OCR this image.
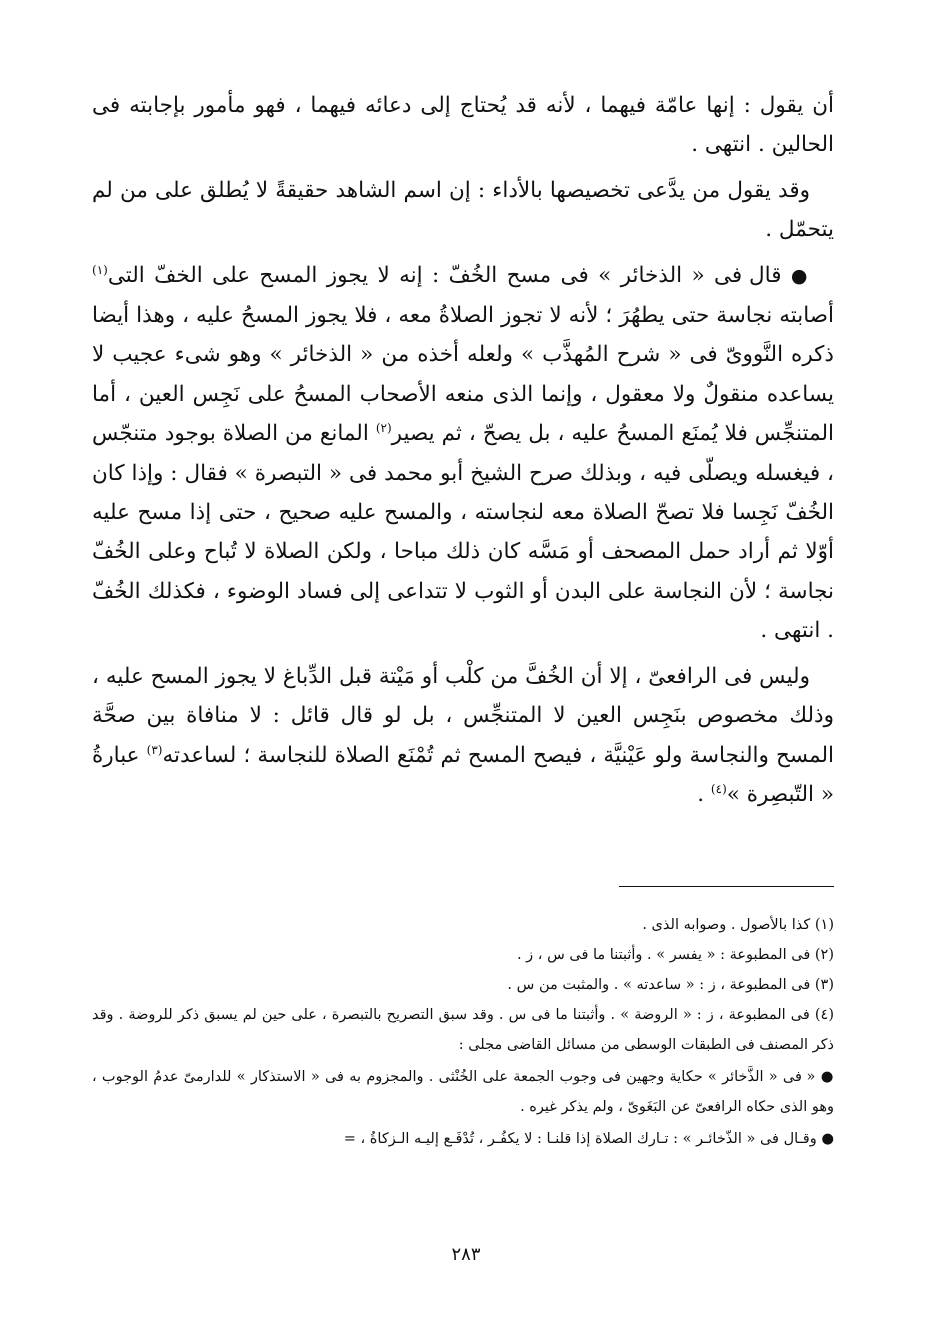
أن يقول : إنها عامّة فيهما ، لأنه قد يُحتاج إلى دعائه فيهما ، فهو مأمور بإجابته فى الحالين . انتهى .

وقد يقول من يدَّعى تخصيصها بالأداء : إن اسم الشاهد حقيقةً لا يُطلق على من لم يتحمّل .

● قال فى « الذخائر » فى مسح الخُفّ : إنه لا يجوز المسح على الخفّ التى$^{(١)}$ أصابته نجاسة حتى يطهُرَ ؛ لأنه لا تجوز الصلاةُ معه ، فلا يجوز المسحُ عليه ، وهذا أيضا ذكره النَّووىّ فى « شرح المُهذَّب » ولعله أخذه من « الذخائر » وهو شىء عجيب لا يساعده منقولٌ ولا معقول ، وإنما الذى منعه الأصحاب المسحُ على نَجِس العين ، أما المتنجِّس فلا يُمنَع المسحُ عليه ، بل يصحّ ، ثم يصير$^{(٢)}$ المانع من الصلاة بوجود متنجّس ، فيغسله ويصلّى فيه ، وبذلك صرح الشيخ أبو محمد فى « التبصرة » فقال : وإذا كان الخُفّ نَجِسا فلا تصحّ الصلاة معه لنجاسته ، والمسح عليه صحيح ، حتى إذا مسح عليه أوّلا ثم أراد حمل المصحف أو مَسَّه كان ذلك مباحا ، ولكن الصلاة لا تُباح وعلى الخُفّ نجاسة ؛ لأن النجاسة على البدن أو الثوب لا تتداعى إلى فساد الوضوء ، فكذلك الخُفّ . انتهى .

وليس فى الرافعىّ ، إلا أن الخُفَّ من كلْب أو مَيْتة قبل الدِّباغ لا يجوز المسح عليه ، وذلك مخصوص بنَجِس العين لا المتنجِّس ، بل لو قال قائل : لا منافاة بين صحَّة المسح والنجاسة ولو عَيْنيَّة ، فيصح المسح ثم تُمْنَع الصلاة للنجاسة ؛ لساعدته$^{(٣)}$ عبارةُ « التّبصِرة »$^{(٤)}$ .

(١) كذا بالأصول . وصوابه الذى .

(٢) فى المطبوعة : « يفسر » . وأثبتنا ما فى س ، ز .

(٣) فى المطبوعة ، ز : « ساعدته » . والمثبت من س .

(٤) فى المطبوعة ، ز : « الروضة » . وأثبتنا ما فى س . وقد سبق التصريح بالتبصرة ، على حين لم يسبق ذكر للروضة . وقد ذكر المصنف فى الطبقات الوسطى من مسائل القاضى مجلى :

● « فى « الذَّخائر » حكاية وجهين فى وجوب الجمعة على الخُنْثى . والمجزوم به فى « الاستذكار » للدارمىّ عدمُ الوجوب ، وهو الذى حكاه الرافعىّ عن البَغَوىّ ، ولم يذكر غيره .

● وقـال فى « الذّخائـر » : تـارك الصلاة إذا قلنـا : لا يكفُـر ، تُدْفَـع إليـه الـزكاةُ ، =

٢٨٣
